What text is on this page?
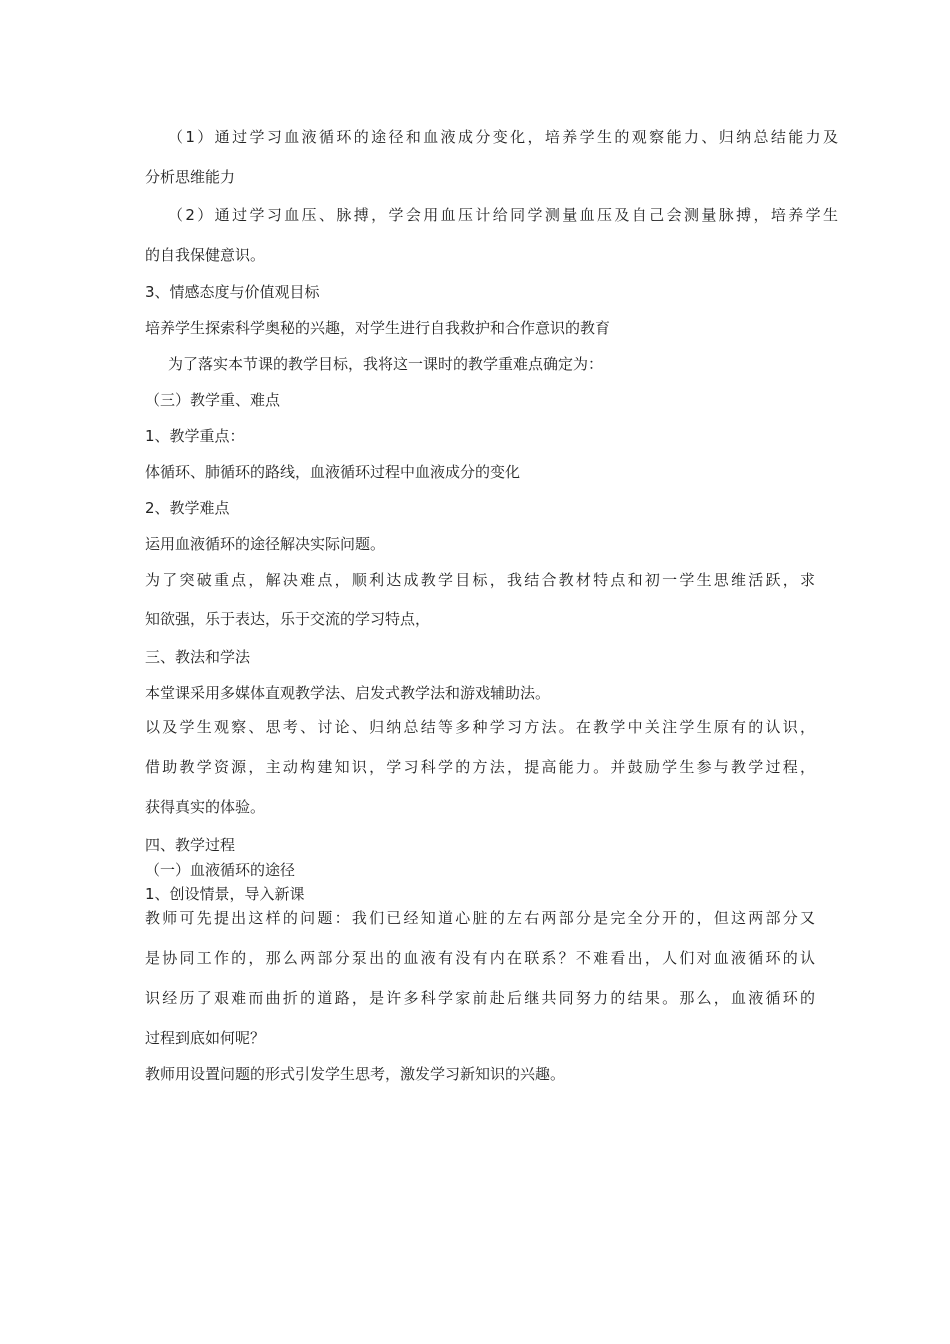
（1）通过学习血液循环的途径和血液成分变化，培养学生的观察能力、归纳总结能力及
分析思维能力
（2）通过学习血压、脉搏，学会用血压计给同学测量血压及自己会测量脉搏，培养学生
的自我保健意识。
3、情感态度与价值观目标
培养学生探索科学奥秘的兴趣，对学生进行自我救护和合作意识的教育
为了落实本节课的教学目标，我将这一课时的教学重难点确定为：
（三）教学重、难点
1、教学重点：
体循环、肺循环的路线，血液循环过程中血液成分的变化
2、教学难点
运用血液循环的途径解决实际问题。
为了突破重点，解决难点，顺利达成教学目标，我结合教材特点和初一学生思维活跃，求
知欲强，乐于表达，乐于交流的学习特点，
三、教法和学法
本堂课采用多媒体直观教学法、启发式教学法和游戏辅助法。
以及学生观察、思考、讨论、归纳总结等多种学习方法。在教学中关注学生原有的认识，
借助教学资源，主动构建知识，学习科学的方法，提高能力。并鼓励学生参与教学过程，
获得真实的体验。
四、教学过程
（一）血液循环的途径
1、创设情景，导入新课
教师可先提出这样的问题：我们已经知道心脏的左右两部分是完全分开的，但这两部分又
是协同工作的，那么两部分泵出的血液有没有内在联系？不难看出，人们对血液循环的认
识经历了艰难而曲折的道路，是许多科学家前赴后继共同努力的结果。那么，血液循环的
过程到底如何呢？
教师用设置问题的形式引发学生思考，激发学习新知识的兴趣。
